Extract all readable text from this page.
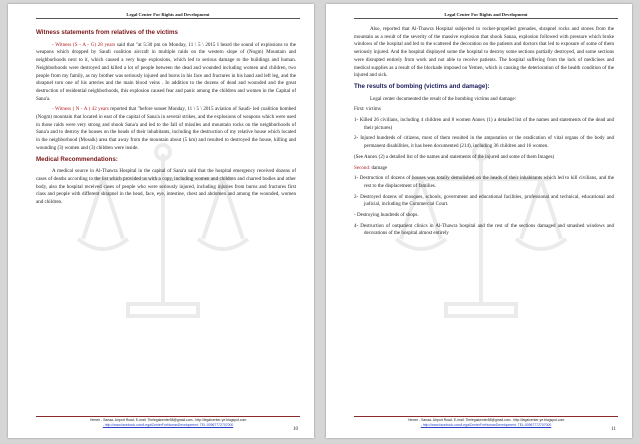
Legal Center For Rights and Development
Witness statements from relatives of the victims

- Witness (S - A - G) 28 years said that "at 5:30 pm on Monday, 11 \ 5 \ 2015 I heard the sound of explosions to the weapons which dropped by Saudi coalition aircraft in multiple raids on the western slope of (Nogm) Mountain and neighborhoods next to it, which caused a very huge explosions, which led to serious damage to the buildings and human. Neighborhoods were destroyed and killed a lot of people between the dead and wounded including women and children, two people from my family, as my brother was seriously injured and burns in his face and fractures in his hand and left leg, and the shrapnel torn one of his arteries and the main blood veins . In addition to the dozens of dead and wounded and the great destruction of residential neighborhoods, this explosion caused fear and panic among the children and women in the Capital of Sana'a.

- Witness ( N - A ) 42 years reported that "before sunset Monday, 11 \ 5 \ 2015 aviation of Saudi- led coalition bombed (Nogm) mountain that located in east of the capital of Sana'a in several strikes, and the explosions of weapons which were used in those raids were very strong and shook Sana'a and led to the fall of missiles and mountain rocks on the neighborhoods of Sana'a and to destroy the houses on the heads of their inhabitants, including the destruction of my relative house which located in the neighborhood (Mosaik) area that away from the mountain about (5 km) and resulted to destroyed the house, killing and wounding (3) women and (3) children were inside.

Medical Recommendations:

A medical source in Al-Thawra Hospital in the capital of Sana'a said that the hospital emergency received dozens of cases of deaths according to the list which provided us with a copy, including women and children and charred bodies and other body, also the hospital received cases of people who were seriously injured, including injuries from burns and fractures first class and people with different shrapnel in the head, face, eye, intestine, chest and abdomen and among the wounded, women and children.

Yemen - Sanaa- Airport Road- E-mail: Thelegalcenter58@gmail.com - http://legalcenter-ye.blogspot.com
- http://www.facebook.com/LegalCenterForHumanDevelopment. TEL:00967772707000
10
Legal Center For Rights and Development

Also, reported that Al-Thawra Hospital subjected to rocket-propelled grenades, shrapnel rocks and stones from the mountain as a result of the severity of the massive explosion that shook Sanaa, explosion followed with pressure which broke windows of the hospital and led to the scattered the decoration on the patients and doctors that led to exposure of some of them seriously injured. And the hospital displayed some the hospital to destroy some sections partially destroyed, and some sections were disrupted entirely from work and not able to receive patients. The hospital suffering from the lack of medicines and medical supplies as a result of the blockade imposed on Yemen, which is causing the deterioration of the health condition of the injured and sick.

The results of bombing (victims and damage):

Legal center documented the result of the bombing victims and damage:

First: victims

1- Killed 26 civilians, including 4 children and 8 women Annex (1) a detailed list of the names and statements of the dead and their pictures)

2- Injured hundreds of citizens, most of them resulted in the amputation or the eradication of vital organs of the body and permanent disabilities, it has been documented (214), including 36 children and 16 women.

(See Annex (2) a detailed list of the names and statements of the injured and some of them Images)

Second: damage

1- Destruction of dozens of houses was totally demolished on the heads of their inhabitants which led to kill civilians, and the rest to the displacement of families.

2- Destroyed dozens of mosques, schools, government and educational facilities, professional and technical, educational and judicial, including the Commercial Court.

- Destroying hundreds of shops.

4- Destruction of outpatient clinics in Al-Thawra hospital and the rest of the sections damaged and smashed windows and decorations of the hospital almost entirely

Yemen - Sanaa- Airport Road- E-mail: Thelegalcenter58@gmail.com - http://legalcenter-ye.blogspot.com
- http://www.facebook.com/LegalCenterForHumanDevelopment. TEL:00967772707000
11
